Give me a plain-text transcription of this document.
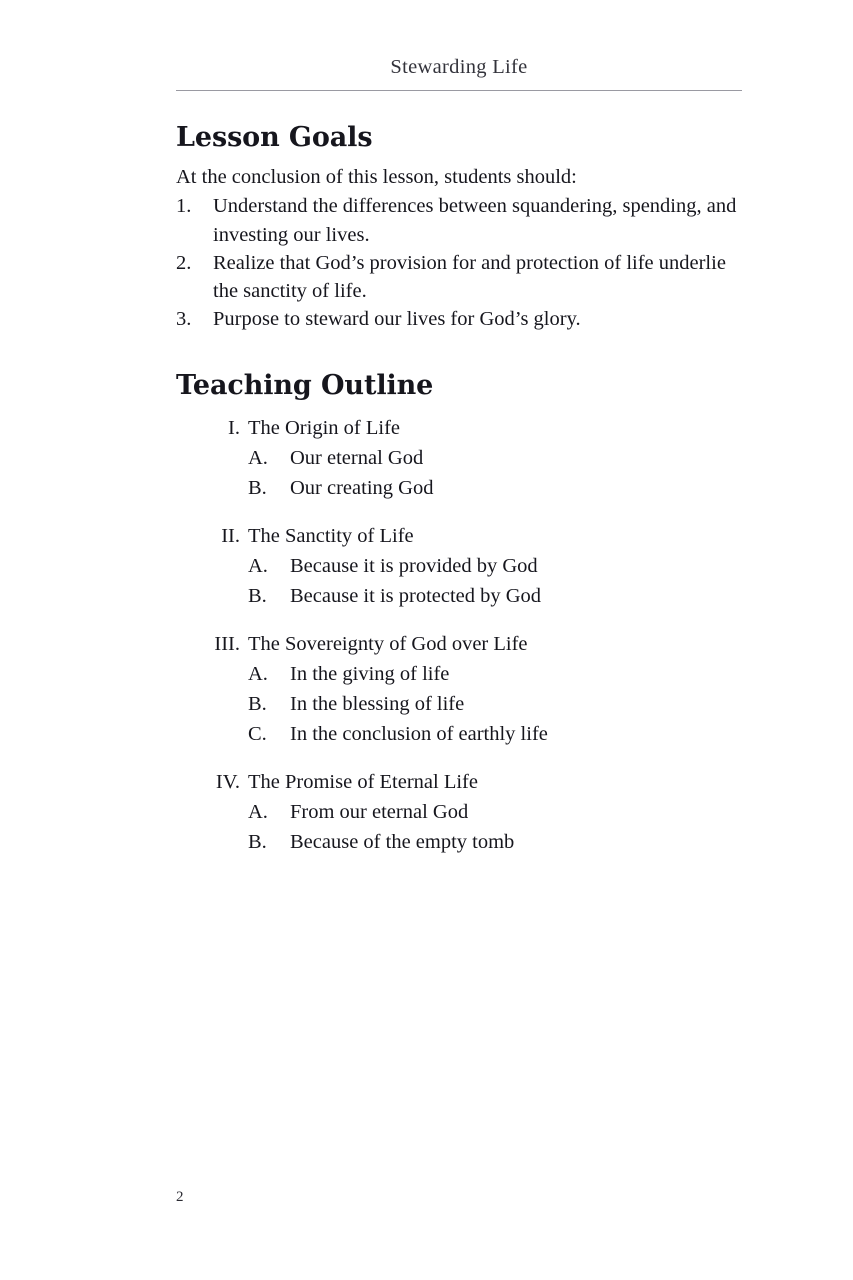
Stewarding Life
Lesson Goals

At the conclusion of this lesson, students should:

1.	Understand the differences between squandering, spending, and investing our lives.
2.	Realize that God’s provision for and protection of life underlie the sanctity of life.
3.	Purpose to steward our lives for God’s glory.
Teaching Outline
I. The Origin of Life
A. Our eternal God
B.	Our creating God
II. The Sanctity of Life
A. Because it is provided by God
B.	Because it is protected by God
III. The Sovereignty of God over Life
A. In the giving of life
B.	In the blessing of life
C.	In the conclusion of earthly life
IV. The Promise of Eternal Life
A. From our eternal God
B.	Because of the empty tomb
2
